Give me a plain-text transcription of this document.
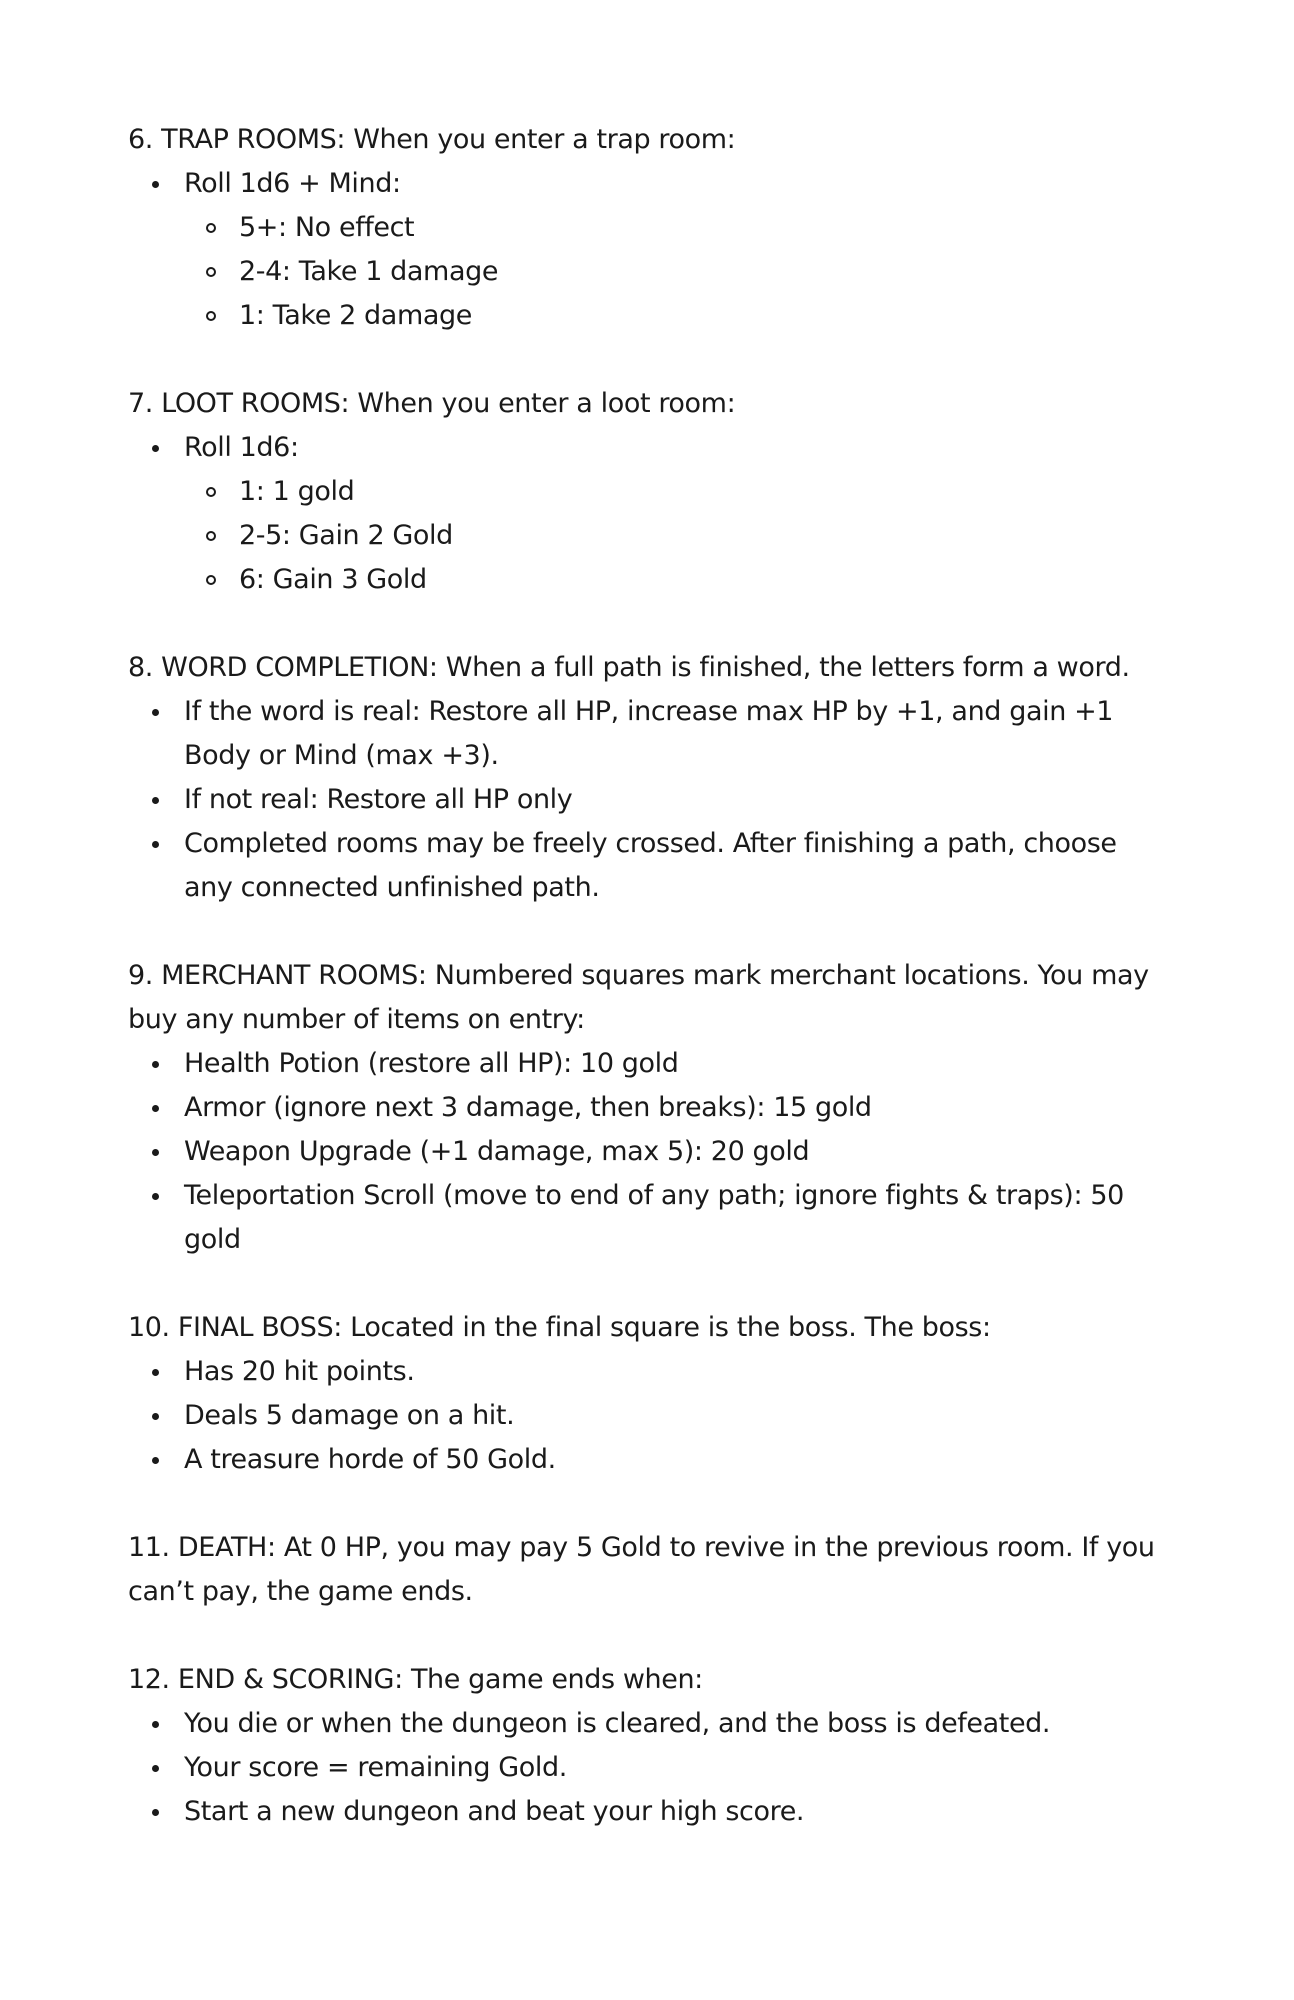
6. TRAP ROOMS: When you enter a trap room:

Roll 1d6 + Mind:
5+: No effect
2-4: Take 1 damage
1: Take 2 damage

7. LOOT ROOMS: When you enter a loot room:

Roll 1d6:
1: 1 gold
2-5: Gain 2 Gold
6: Gain 3 Gold

8. WORD COMPLETION: When a full path is finished, the letters form a word.

If the word is real: Restore all HP, increase max HP by +1, and gain +1 Body or Mind (max +3).
If not real: Restore all HP only
Completed rooms may be freely crossed. After finishing a path, choose any connected unfinished path.

9. MERCHANT ROOMS: Numbered squares mark merchant locations. You may buy any number of items on entry:

Health Potion (restore all HP): 10 gold
Armor (ignore next 3 damage, then breaks): 15 gold
Weapon Upgrade (+1 damage, max 5): 20 gold
Teleportation Scroll (move to end of any path; ignore fights & traps): 50 gold

10. FINAL BOSS: Located in the final square is the boss. The boss:

Has 20 hit points.
Deals 5 damage on a hit.
A treasure horde of 50 Gold.

11. DEATH: At 0 HP, you may pay 5 Gold to revive in the previous room. If you can’t pay, the game ends.

12. END & SCORING: The game ends when:

You die or when the dungeon is cleared, and the boss is defeated.
Your score = remaining Gold.
Start a new dungeon and beat your high score.
